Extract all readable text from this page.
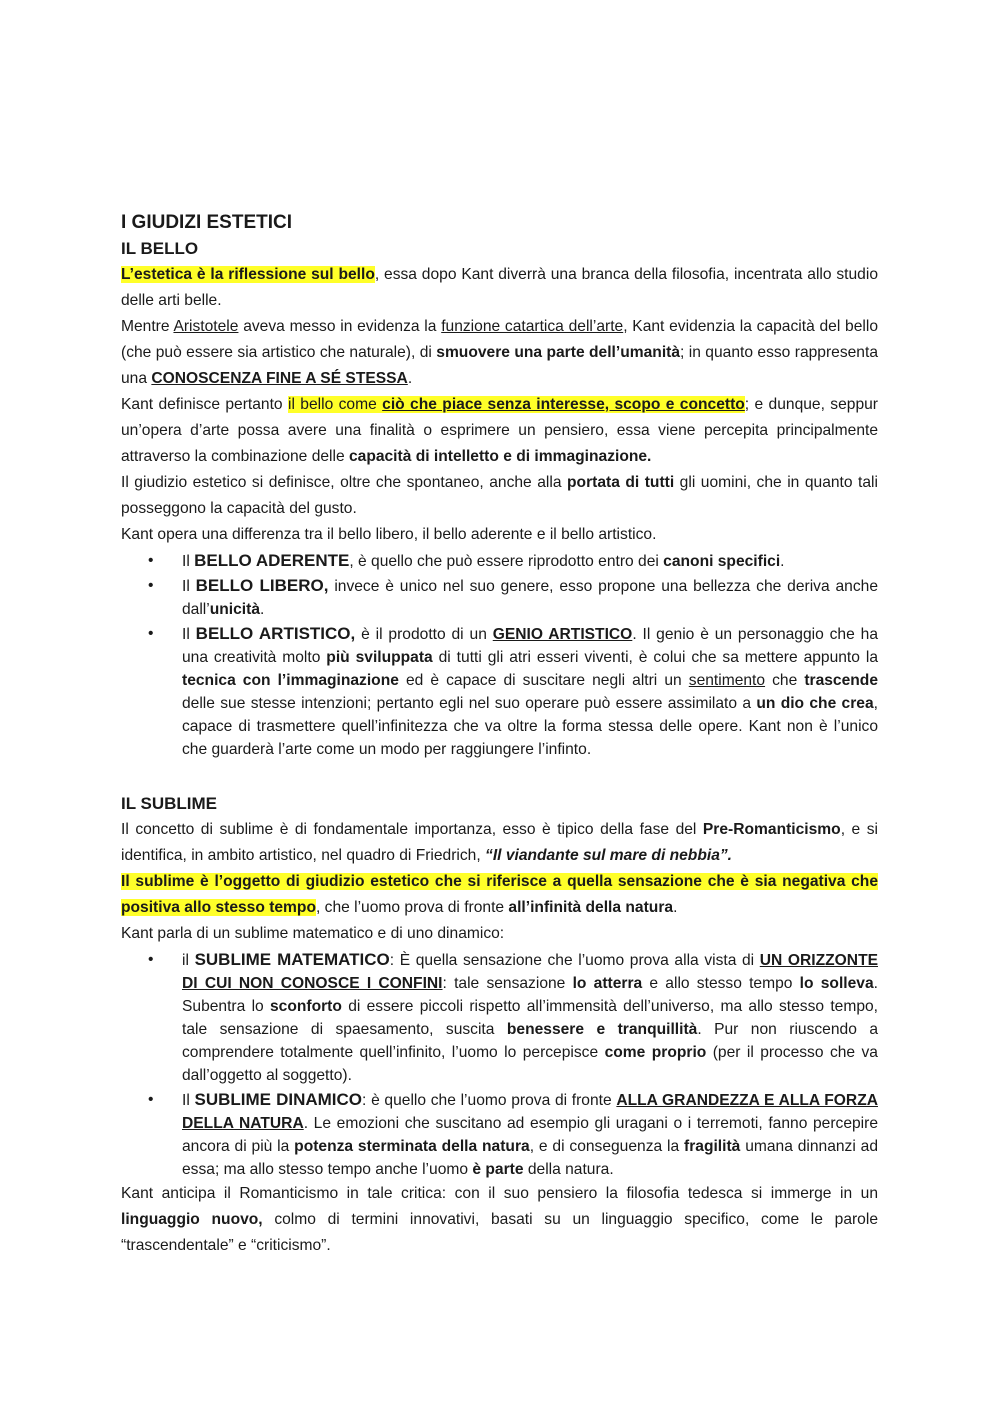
I GIUDIZI ESTETICI
IL BELLO

L’estetica è la riflessione sul bello, essa dopo Kant diverrà una branca della filosofia, incentrata allo studio delle arti belle.

Mentre Aristotele aveva messo in evidenza la funzione catartica dell’arte, Kant evidenzia la capacità del bello (che può essere sia artistico che naturale), di smuovere una parte dell’umanità; in quanto esso rappresenta una CONOSCENZA FINE A SÉ STESSA.

Kant definisce pertanto il bello come ciò che piace senza interesse, scopo e concetto; e dunque, seppur un’opera d’arte possa avere una finalità o esprimere un pensiero, essa viene percepita principalmente attraverso la combinazione delle capacità di intelletto e di immaginazione.

Il giudizio estetico si definisce, oltre che spontaneo, anche alla portata di tutti gli uomini, che in quanto tali posseggono la capacità del gusto.

Kant opera una differenza tra il bello libero, il bello aderente e il bello artistico.

• Il BELLO ADERENTE, è quello che può essere riprodotto entro dei canoni specifici.
• Il BELLO LIBERO, invece è unico nel suo genere, esso propone una bellezza che deriva anche dall’unicità.
• Il BELLO ARTISTICO, è il prodotto di un GENIO ARTISTICO. Il genio è un personaggio che ha una creatività molto più sviluppata di tutti gli atri esseri viventi, è colui che sa mettere appunto la tecnica con l’immaginazione ed è capace di suscitare negli altri un sentimento che trascende delle sue stesse intenzioni; pertanto egli nel suo operare può essere assimilato a un dio che crea, capace di trasmettere quell’infinitezza che va oltre la forma stessa delle opere. Kant non è l’unico che guarderà l’arte come un modo per raggiungere l’infinto.
IL SUBLIME

Il concetto di sublime è di fondamentale importanza, esso è tipico della fase del Pre-Romanticismo, e si identifica, in ambito artistico, nel quadro di Friedrich, “Il viandante sul mare di nebbia”.

Il sublime è l’oggetto di giudizio estetico che si riferisce a quella sensazione che è sia negativa che positiva allo stesso tempo, che l’uomo prova di fronte all’infinità della natura.

Kant parla di un sublime matematico e di uno dinamico:

• il SUBLIME MATEMATICO: È quella sensazione che l’uomo prova alla vista di UN ORIZZONTE DI CUI NON CONOSCE I CONFINI: tale sensazione lo atterra e allo stesso tempo lo solleva. Subentra lo sconforto di essere piccoli rispetto all’immensità dell’universo, ma allo stesso tempo, tale sensazione di spaesamento, suscita benessere e tranquillità. Pur non riuscendo a comprendere totalmente quell’infinito, l’uomo lo percepisce come proprio (per il processo che va dall’oggetto al soggetto).
• Il SUBLIME DINAMICO: è quello che l’uomo prova di fronte ALLA GRANDEZZA E ALLA FORZA DELLA NATURA. Le emozioni che suscitano ad esempio gli uragani o i terremoti, fanno percepire ancora di più la potenza sterminata della natura, e di conseguenza la fragilità umana dinnanzi ad essa; ma allo stesso tempo anche l’uomo è parte della natura.

Kant anticipa il Romanticismo in tale critica: con il suo pensiero la filosofia tedesca si immerge in un linguaggio nuovo, colmo di termini innovativi, basati su un linguaggio specifico, come le parole “trascendentale” e “criticismo”.
